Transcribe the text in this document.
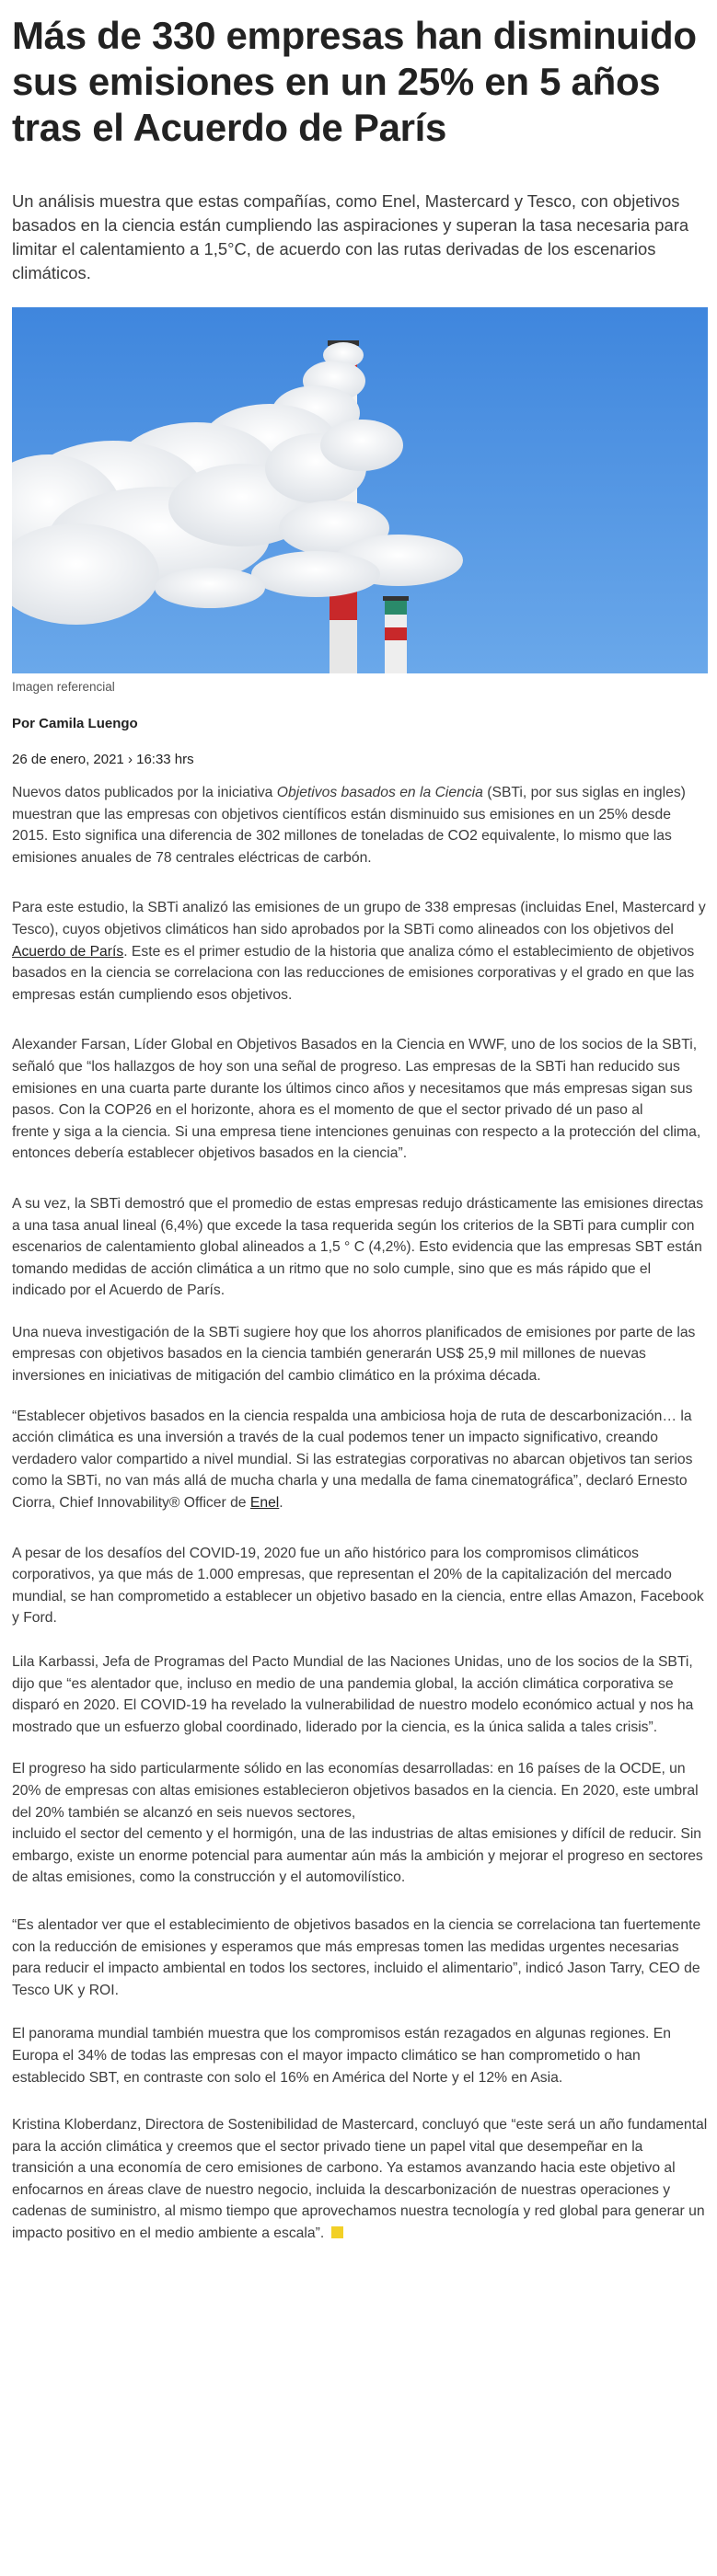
Más de 330 empresas han disminuido sus emisiones en un 25% en 5 años tras el Acuerdo de París

Un análisis muestra que estas compañías, como Enel, Mastercard y Tesco, con objetivos basados en la ciencia están cumpliendo las aspiraciones y superan la tasa necesaria para limitar el calentamiento a 1,5°C, de acuerdo con las rutas derivadas de los escenarios climáticos.

Imagen referencial
Por Camila Luengo
26 de enero, 2021 › 16:33 hrs

Nuevos datos publicados por la iniciativa Objetivos basados en la Ciencia (SBTi, por sus siglas en ingles) muestran que las empresas con objetivos científicos están disminuido sus emisiones en un 25% desde 2015. Esto significa una diferencia de 302 millones de toneladas de CO2 equivalente, lo mismo que las emisiones anuales de 78 centrales eléctricas de carbón.

Para este estudio, la SBTi analizó las emisiones de un grupo de 338 empresas (incluidas Enel, Mastercard y Tesco), cuyos objetivos climáticos han sido aprobados por la SBTi como alineados con los objetivos del Acuerdo de París. Este es el primer estudio de la historia que analiza cómo el establecimiento de objetivos basados en la ciencia se correlaciona con las reducciones de emisiones corporativas y el grado en que las empresas están cumpliendo esos objetivos.

Alexander Farsan, Líder Global en Objetivos Basados en la Ciencia en WWF, uno de los socios de la SBTi, señaló que “los hallazgos de hoy son una señal de progreso. Las empresas de la SBTi han reducido sus emisiones en una cuarta parte durante los últimos cinco años y necesitamos que más empresas sigan sus pasos. Con la COP26 en el horizonte, ahora es el momento de que el sector privado dé un paso al
frente y siga a la ciencia. Si una empresa tiene intenciones genuinas con respecto a la protección del clima, entonces debería establecer objetivos basados en la ciencia”.

A su vez, la SBTi demostró que el promedio de estas empresas redujo drásticamente las emisiones directas a una tasa anual lineal (6,4%) que excede la tasa requerida según los criterios de la SBTi para cumplir con escenarios de calentamiento global alineados a 1,5 ° C (4,2%). Esto evidencia que las empresas SBT están tomando medidas de acción climática a un ritmo que no solo cumple, sino que es más rápido que el indicado por el Acuerdo de París.

Una nueva investigación de la SBTi sugiere hoy que los ahorros planificados de emisiones por parte de las empresas con objetivos basados en la ciencia también generarán US$ 25,9 mil millones de nuevas inversiones en iniciativas de mitigación del cambio climático en la próxima década.

“Establecer objetivos basados en la ciencia respalda una ambiciosa hoja de ruta de descarbonización… la acción climática es una inversión a través de la cual podemos tener un impacto significativo, creando verdadero valor compartido a nivel mundial. Si las estrategias corporativas no abarcan objetivos tan serios como la SBTi, no van más allá de mucha charla y una medalla de fama cinematográfica”, declaró Ernesto Ciorra, Chief Innovability® Officer de Enel.

A pesar de los desafíos del COVID-19, 2020 fue un año histórico para los compromisos climáticos corporativos, ya que más de 1.000 empresas, que representan el 20% de la capitalización del mercado mundial, se han comprometido a establecer un objetivo basado en la ciencia, entre ellas Amazon, Facebook y Ford.

Lila Karbassi, Jefa de Programas del Pacto Mundial de las Naciones Unidas, uno de los socios de la SBTi, dijo que “es alentador que, incluso en medio de una pandemia global, la acción climática corporativa se disparó en 2020. El COVID-19 ha revelado la vulnerabilidad de nuestro modelo económico actual y nos ha mostrado que un esfuerzo global coordinado, liderado por la ciencia, es la única salida a tales crisis”.

El progreso ha sido particularmente sólido en las economías desarrolladas: en 16 países de la OCDE, un 20% de empresas con altas emisiones establecieron objetivos basados en la ciencia. En 2020, este umbral del 20% también se alcanzó en seis nuevos sectores,
incluido el sector del cemento y el hormigón, una de las industrias de altas emisiones y difícil de reducir. Sin embargo, existe un enorme potencial para aumentar aún más la ambición y mejorar el progreso en sectores de altas emisiones, como la construcción y el automovilístico.

“Es alentador ver que el establecimiento de objetivos basados en la ciencia se correlaciona tan fuertemente con la reducción de emisiones y esperamos que más empresas tomen las medidas urgentes necesarias para reducir el impacto ambiental en todos los sectores, incluido el alimentario”, indicó Jason Tarry, CEO de Tesco UK y ROI.

El panorama mundial también muestra que los compromisos están rezagados en algunas regiones. En Europa el 34% de todas las empresas con el mayor impacto climático se han comprometido o han establecido SBT, en contraste con solo el 16% en América del Norte y el 12% en Asia.

Kristina Kloberdanz, Directora de Sostenibilidad de Mastercard, concluyó que “este será un año fundamental para la acción climática y creemos que el sector privado tiene un papel vital que desempeñar en la transición a una economía de cero emisiones de carbono. Ya estamos avanzando hacia este objetivo al enfocarnos en áreas clave de nuestro negocio, incluida la descarbonización de nuestras operaciones y cadenas de suministro, al mismo tiempo que aprovechamos nuestra tecnología y red global para generar un impacto positivo en el medio ambiente a escala”.
